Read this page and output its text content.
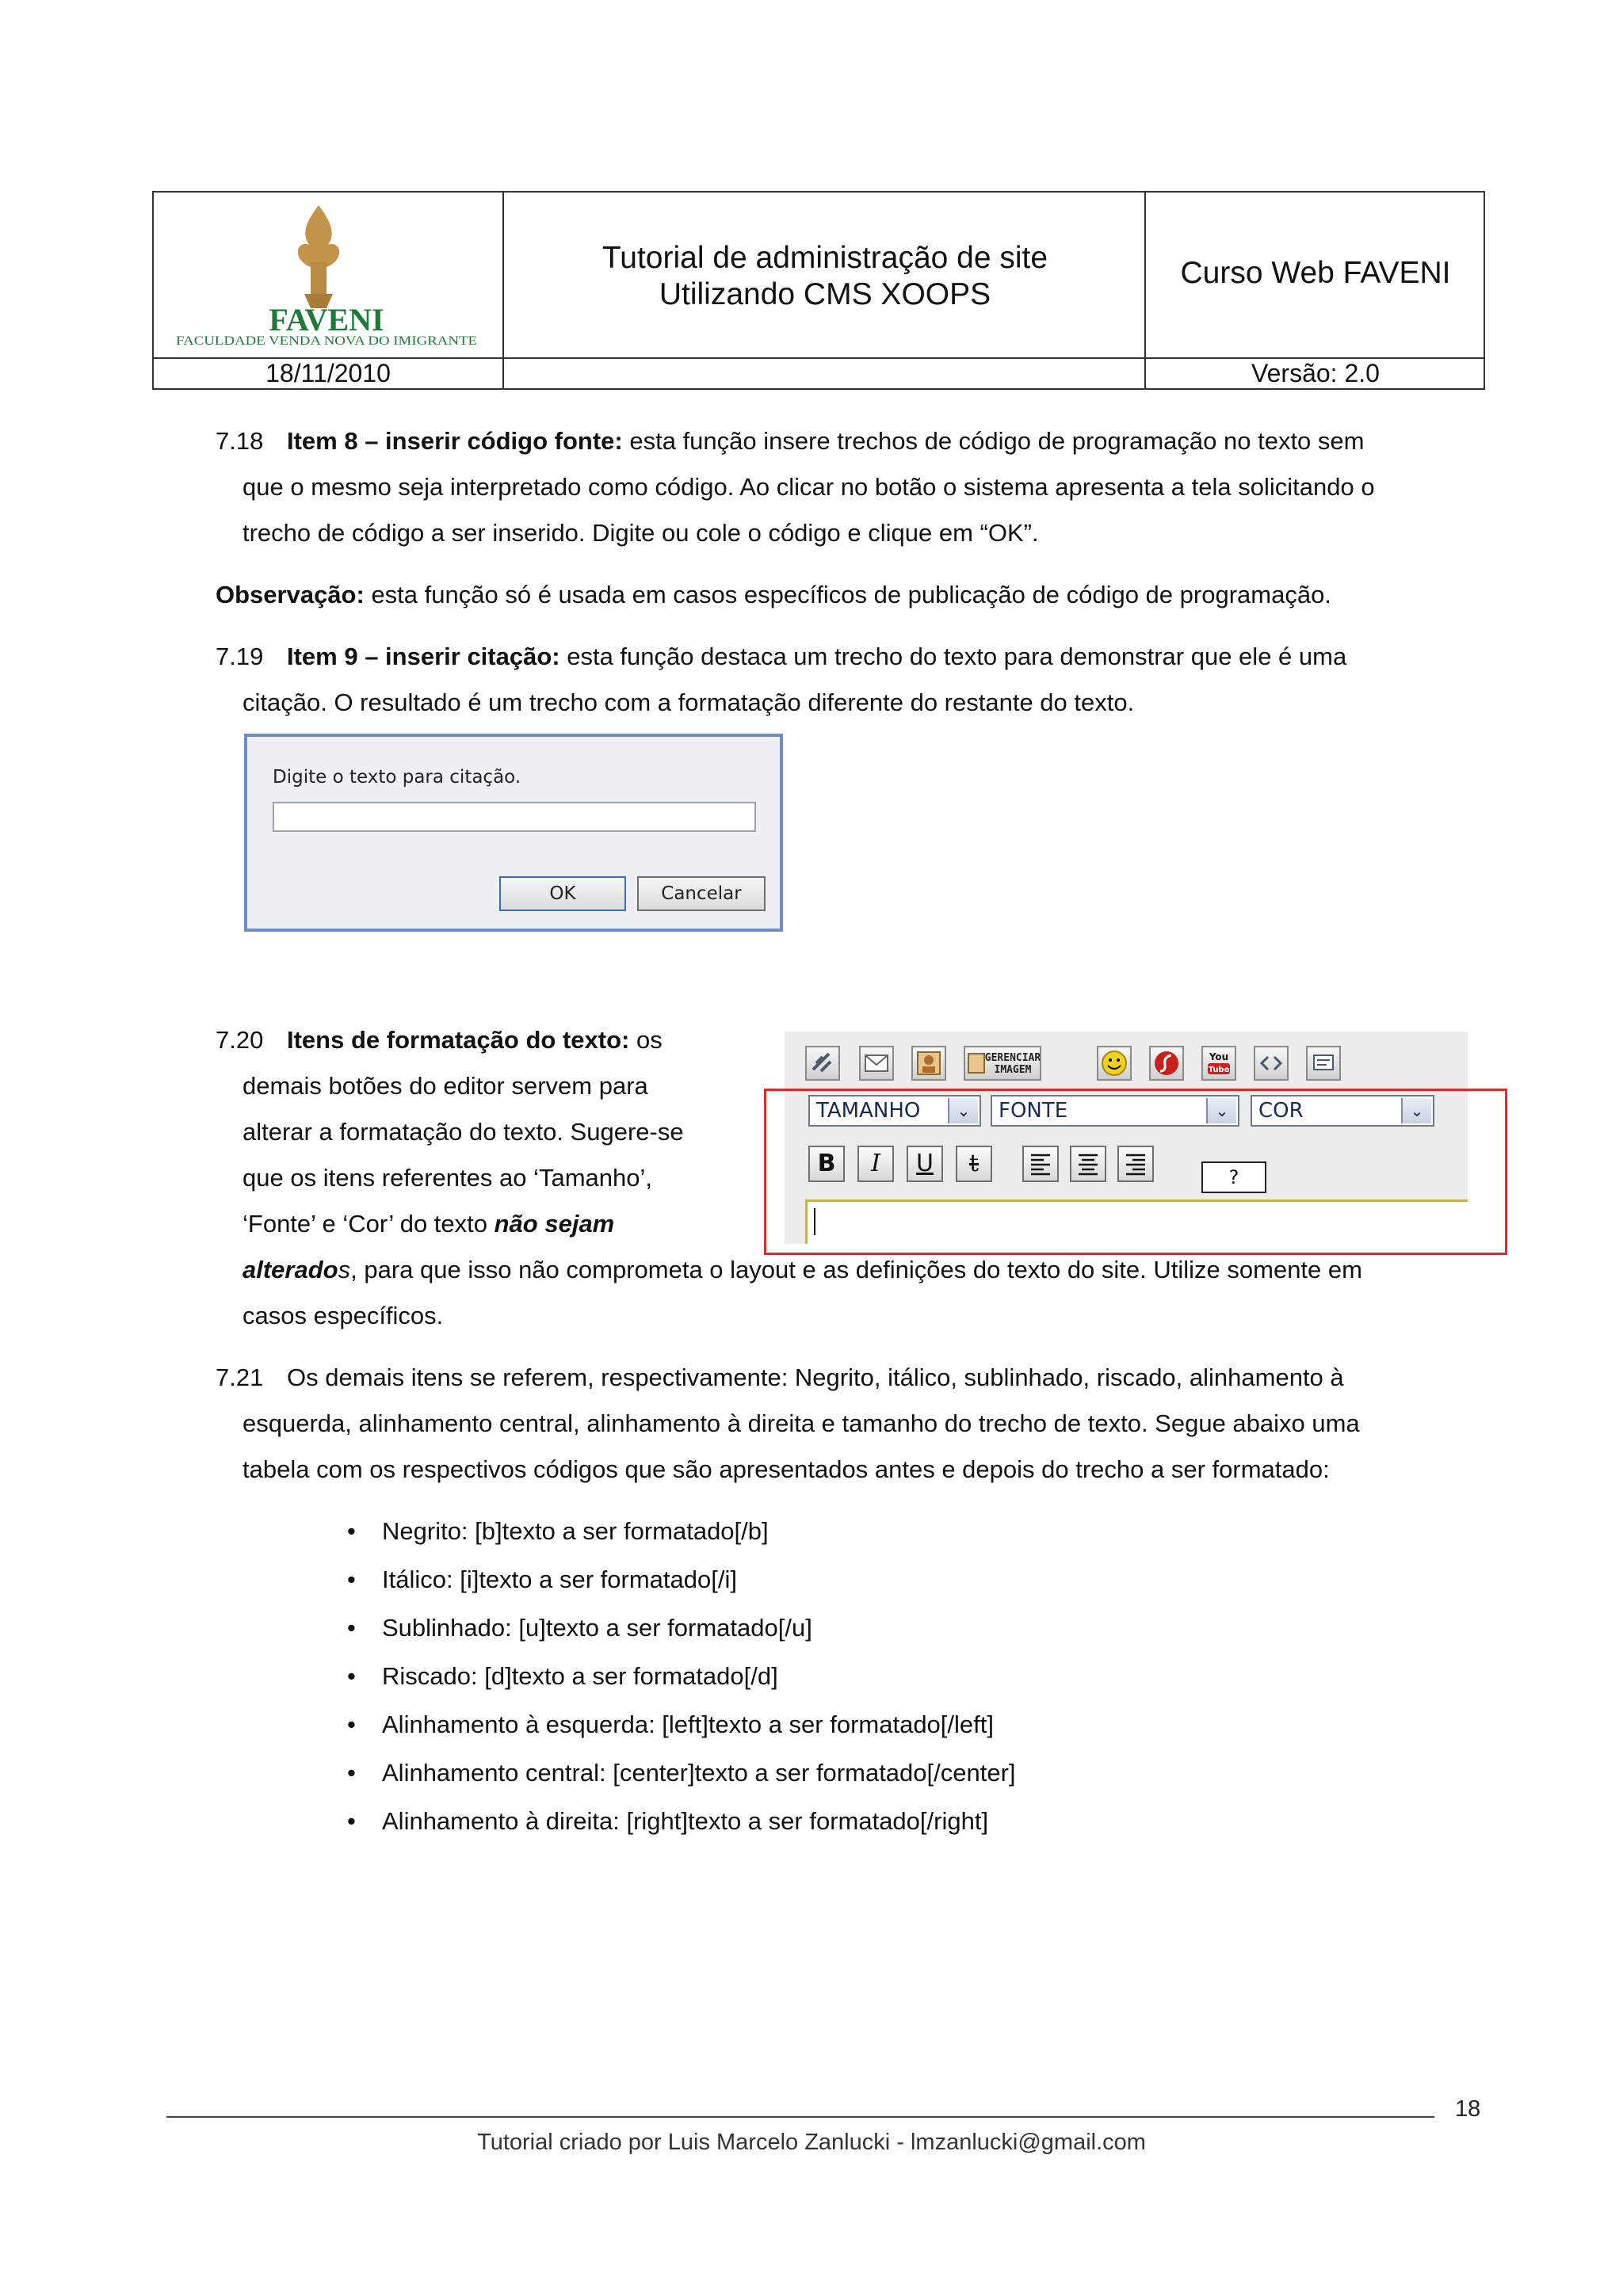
FAVENI
FACULDADE VENDA NOVA DO IMIGRANTE
Tutorial de administração de site
Utilizando CMS XOOPS
Curso Web FAVENI
18/11/2010	Versão: 2.0
7.18 Item 8 – inserir código fonte: esta função insere trechos de código de programação no texto sem
que o mesmo seja interpretado como código. Ao clicar no botão o sistema apresenta a tela solicitando o
trecho de código a ser inserido. Digite ou cole o código e clique em “OK”.
Observação: esta função só é usada em casos específicos de publicação de código de programação.
7.19 Item 9 – inserir citação: esta função destaca um trecho do texto para demonstrar que ele é uma
citação. O resultado é um trecho com a formatação diferente do restante do texto.
Digite o texto para citação.
OK	Cancelar
7.20 Itens de formatação do texto: os
demais botões do editor servem para
alterar a formatação do texto. Sugere-se
que os itens referentes ao ‘Tamanho’,
‘Fonte’ e ‘Cor’ do texto não sejam
alterados, para que isso não comprometa o layout e as definições do texto do site. Utilize somente em
casos específicos.
GERENCIAR
IMAGEM
You
Tube
TAMANHO	⌄	FONTE	⌄	COR	⌄
B	I	U	t	?
7.21 Os demais itens se referem, respectivamente: Negrito, itálico, sublinhado, riscado, alinhamento à
esquerda, alinhamento central, alinhamento à direita e tamanho do trecho de texto. Segue abaixo uma
tabela com os respectivos códigos que são apresentados antes e depois do trecho a ser formatado:
• Negrito: [b]texto a ser formatado[/b]
• Itálico: [i]texto a ser formatado[/i]
• Sublinhado: [u]texto a ser formatado[/u]
• Riscado: [d]texto a ser formatado[/d]
• Alinhamento à esquerda: [left]texto a ser formatado[/left]
• Alinhamento central: [center]texto a ser formatado[/center]
• Alinhamento à direita: [right]texto a ser formatado[/right]
18
Tutorial criado por Luis Marcelo Zanlucki - lmzanlucki@gmail.com
